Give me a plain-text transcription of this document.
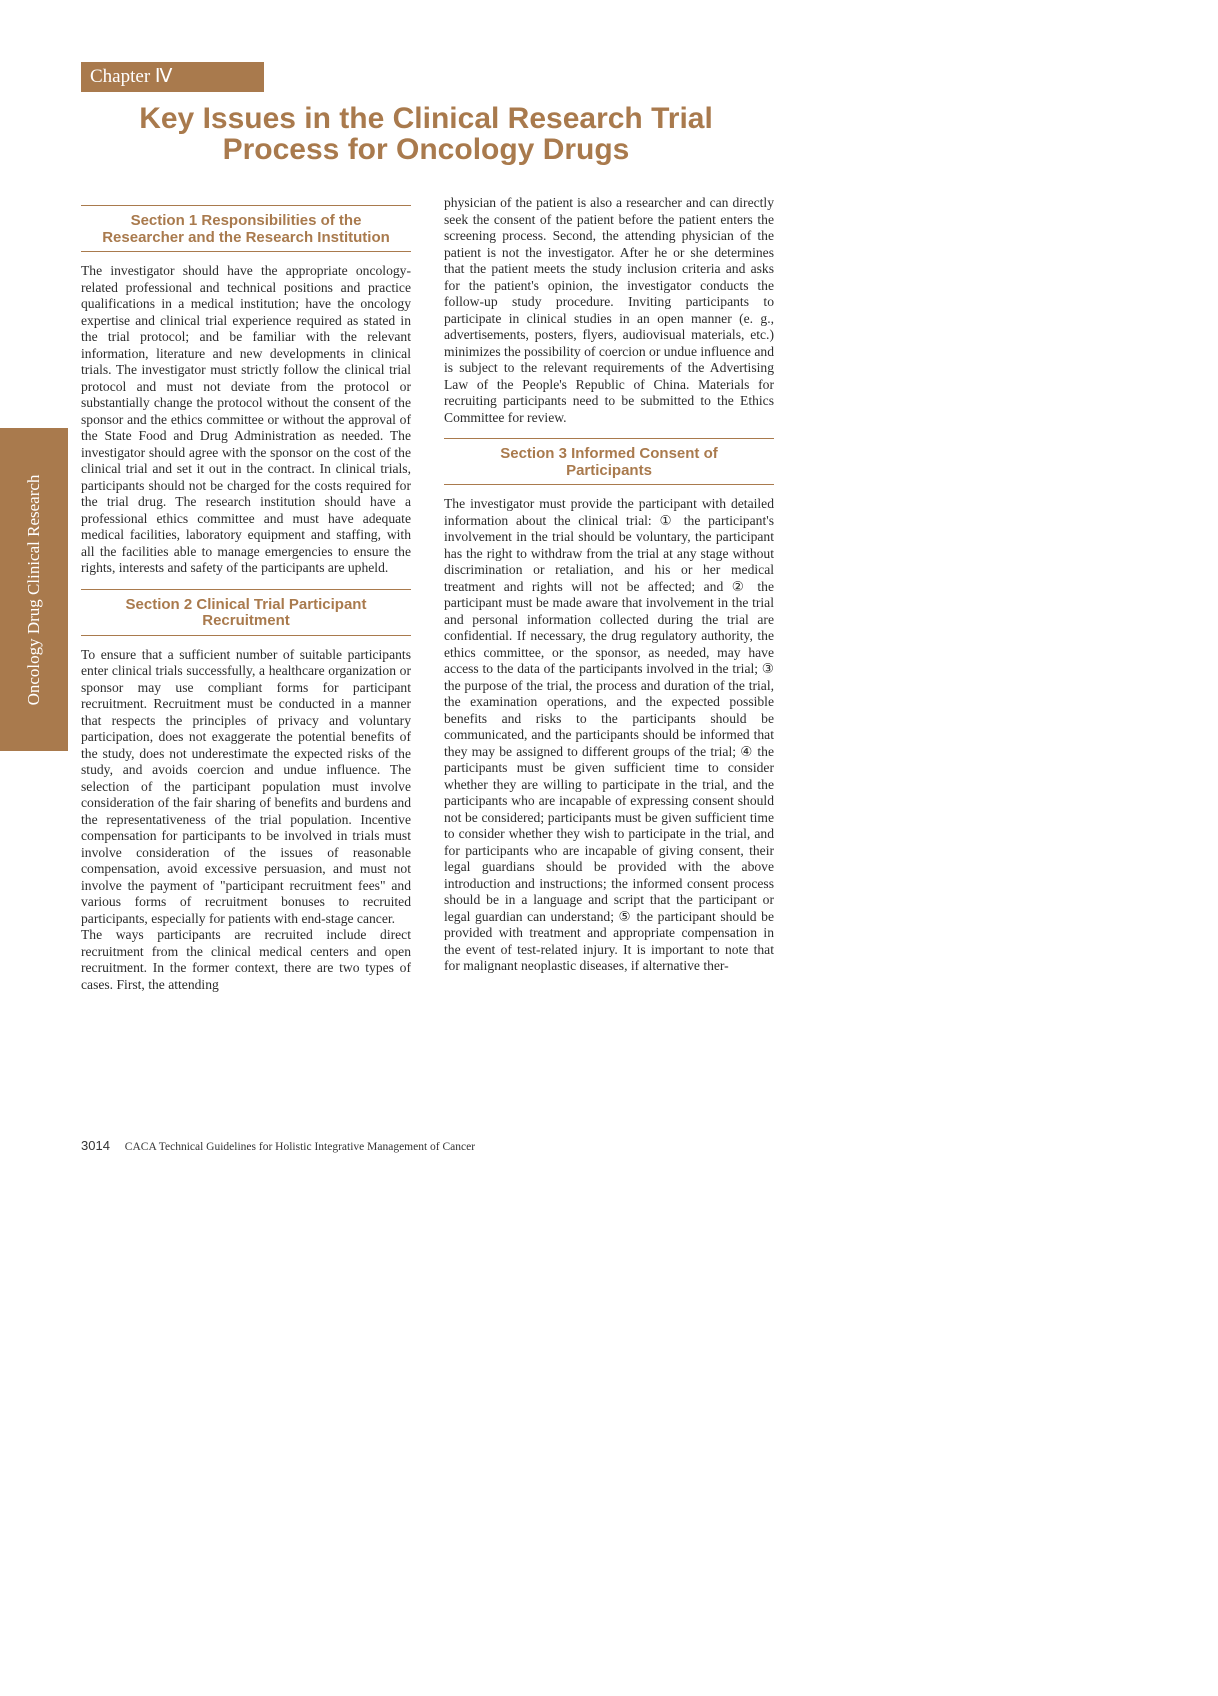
Chapter Ⅳ
Key Issues in the Clinical Research Trial
Process for Oncology Drugs
Oncology Drug Clinical Research
Section 1 Responsibilities of the
Researcher and the Research Institution

The investigator should have the appropriate oncology-related professional and technical positions and practice qualifications in a medical institution; have the oncology expertise and clinical trial experience required as stated in the trial protocol; and be familiar with the relevant information, literature and new developments in clinical trials. The investigator must strictly follow the clinical trial protocol and must not deviate from the protocol or substantially change the protocol without the consent of the sponsor and the ethics committee or without the approval of the State Food and Drug Administration as needed. The investigator should agree with the sponsor on the cost of the clinical trial and set it out in the contract. In clinical trials, participants should not be charged for the costs required for the trial drug. The research institution should have a professional ethics committee and must have adequate medical facilities, laboratory equipment and staffing, with all the facilities able to manage emergencies to ensure the rights, interests and safety of the participants are upheld.

Section 2 Clinical Trial Participant
Recruitment

To ensure that a sufficient number of suitable participants enter clinical trials successfully, a healthcare organization or sponsor may use compliant forms for participant recruitment. Recruitment must be conducted in a manner that respects the principles of privacy and voluntary participation, does not exaggerate the potential benefits of the study, does not underestimate the expected risks of the study, and avoids coercion and undue influence. The selection of the participant population must involve consideration of the fair sharing of benefits and burdens and the representativeness of the trial population. Incentive compensation for participants to be involved in trials must involve consideration of the issues of reasonable compensation, avoid excessive persuasion, and must not involve the payment of "participant recruitment fees" and various forms of recruitment bonuses to recruited participants, especially for patients with end-stage cancer.

The ways participants are recruited include direct recruitment from the clinical medical centers and open recruitment. In the former context, there are two types of cases. First, the attending

physician of the patient is also a researcher and can directly seek the consent of the patient before the patient enters the screening process. Second, the attending physician of the patient is not the investigator. After he or she determines that the patient meets the study inclusion criteria and asks for the patient's opinion, the investigator conducts the follow-up study procedure. Inviting participants to participate in clinical studies in an open manner (e. g., advertisements, posters, flyers, audiovisual materials, etc.) minimizes the possibility of coercion or undue influence and is subject to the relevant requirements of the Advertising Law of the People's Republic of China. Materials for recruiting participants need to be submitted to the Ethics Committee for review.

Section 3 Informed Consent of
Participants

The investigator must provide the participant with detailed information about the clinical trial: ① the participant's involvement in the trial should be voluntary, the participant has the right to withdraw from the trial at any stage without discrimination or retaliation, and his or her medical treatment and rights will not be affected; and ② the participant must be made aware that involvement in the trial and personal information collected during the trial are confidential. If necessary, the drug regulatory authority, the ethics committee, or the sponsor, as needed, may have access to the data of the participants involved in the trial; ③ the purpose of the trial, the process and duration of the trial, the examination operations, and the expected possible benefits and risks to the participants should be communicated, and the participants should be informed that they may be assigned to different groups of the trial; ④ the participants must be given sufficient time to consider whether they are willing to participate in the trial, and the participants who are incapable of expressing consent should not be considered; participants must be given sufficient time to consider whether they wish to participate in the trial, and for participants who are incapable of giving consent, their legal guardians should be provided with the above introduction and instructions; the informed consent process should be in a language and script that the participant or legal guardian can understand; ⑤ the participant should be provided with treatment and appropriate compensation in the event of test-related injury. It is important to note that for malignant neoplastic diseases, if alternative ther-

3014 CACA Technical Guidelines for Holistic Integrative Management of Cancer
